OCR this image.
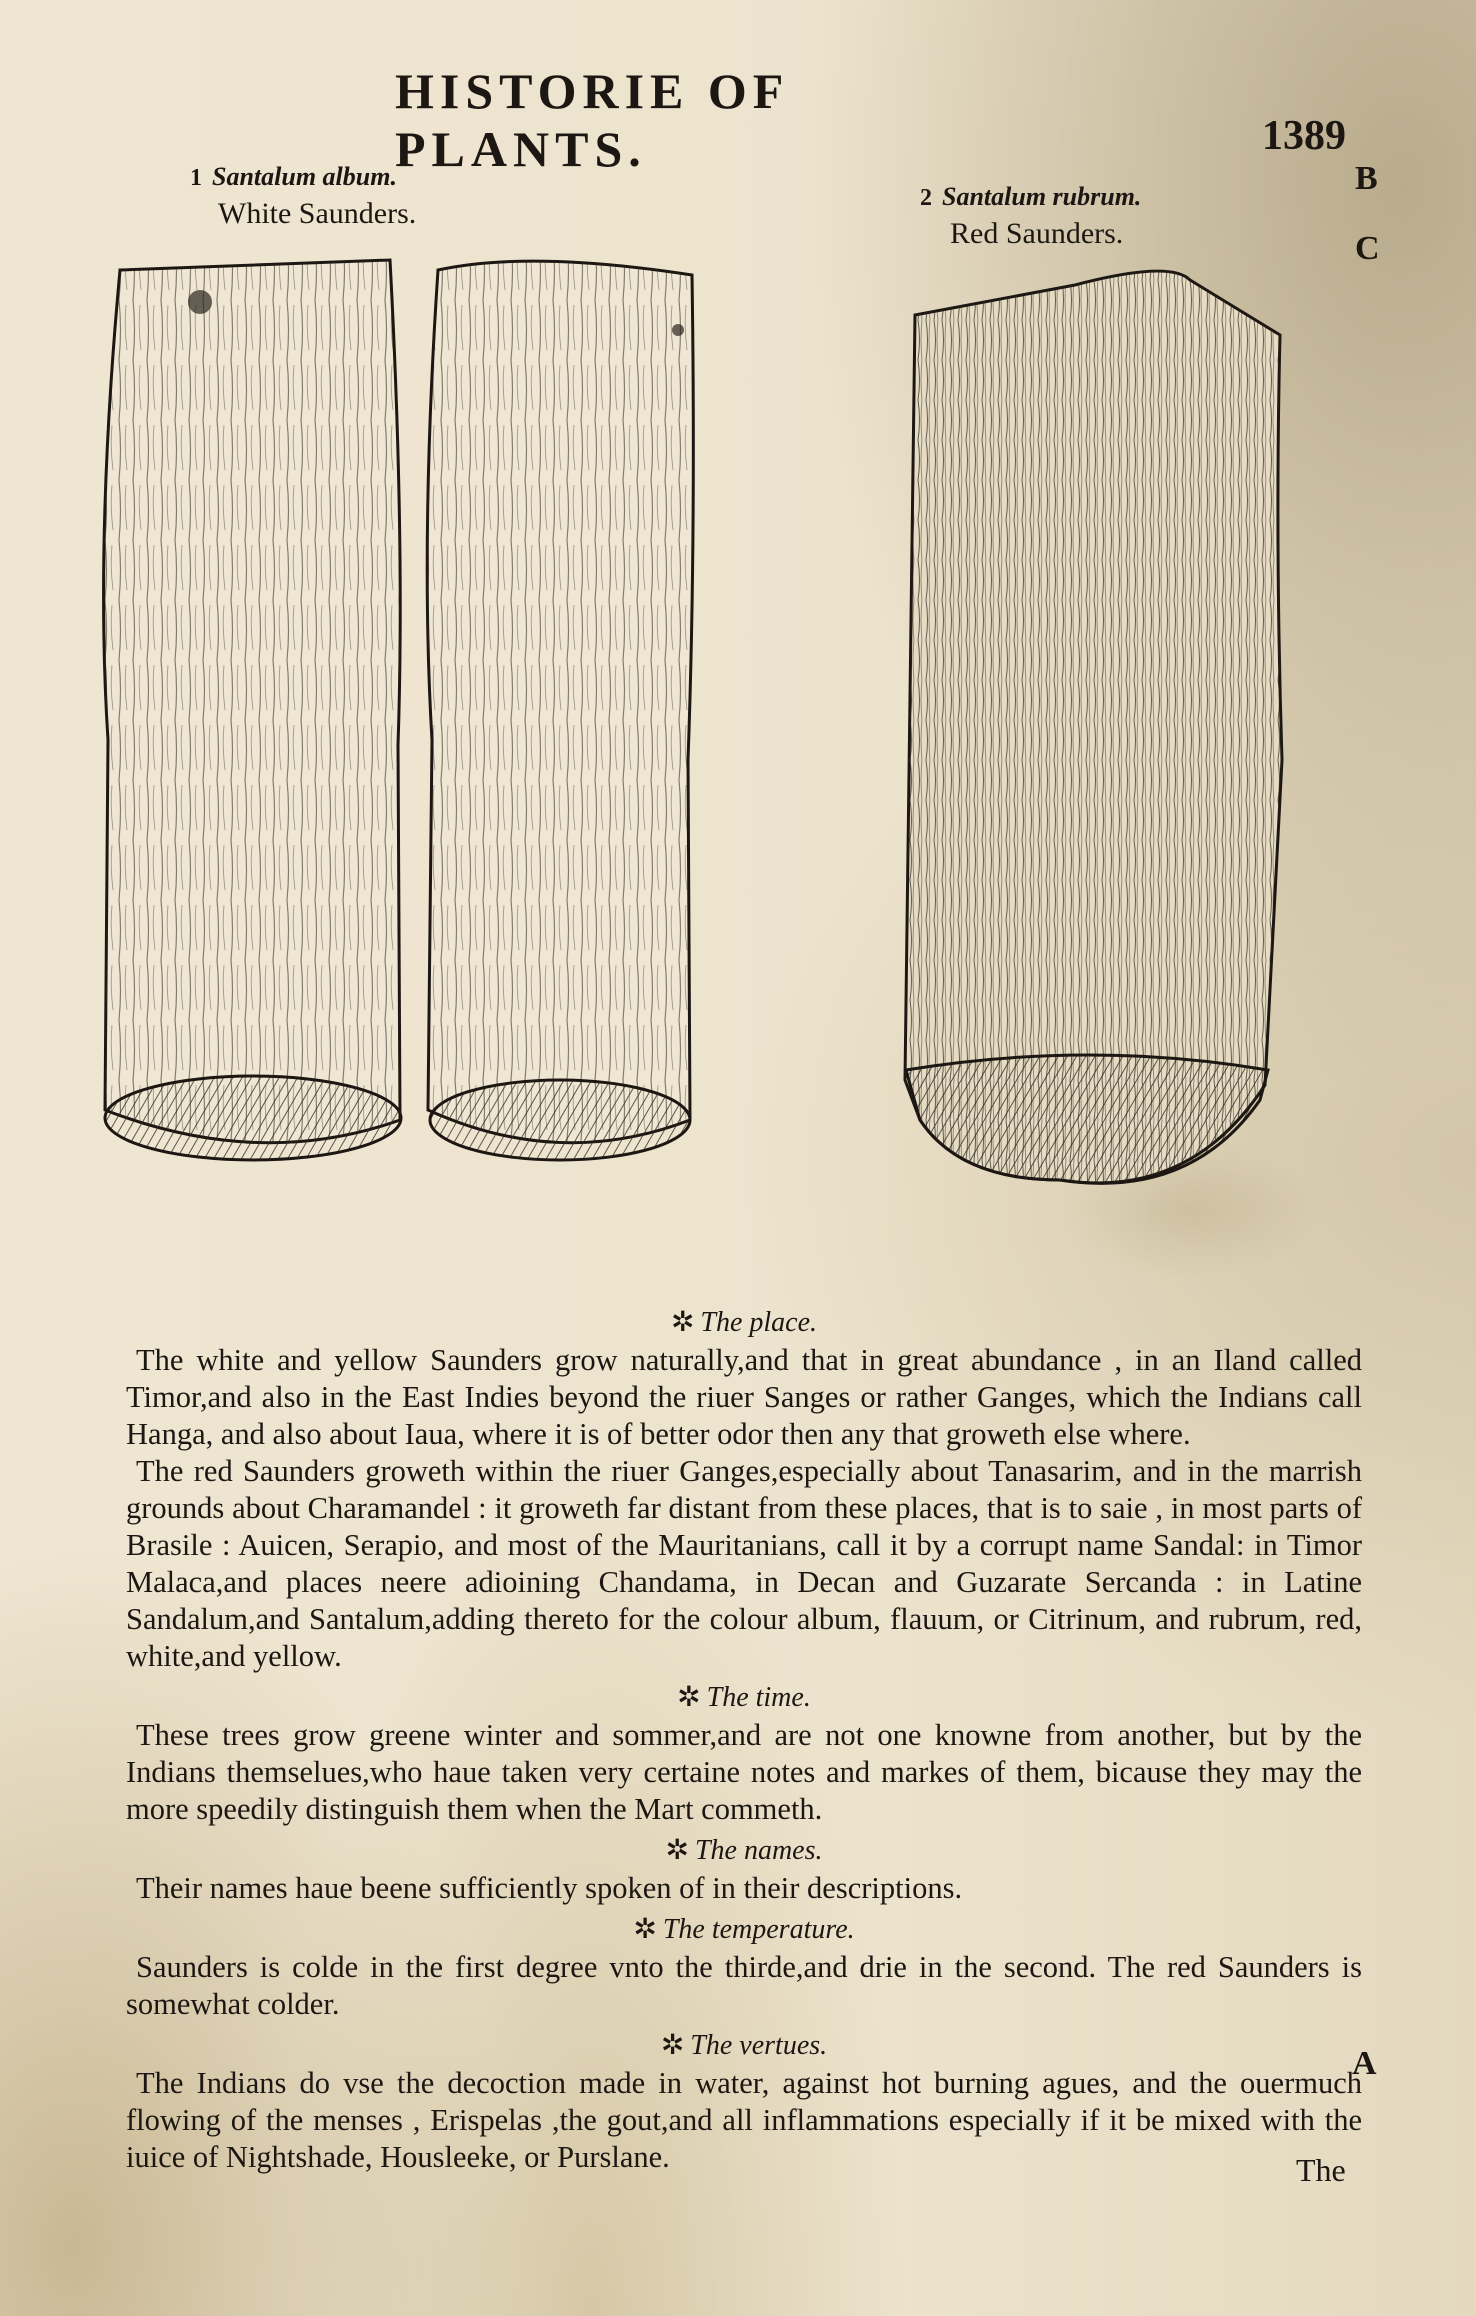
HISTORIE OF PLANTS.	1389
B
C
1 Santalum album.
White Saunders.	2 Santalum rubrum.
Red Saunders.
✲ The place.

The white and yellow Saunders grow naturally,and that in great abundance , in an Iland called Timor,and also in the East Indies beyond the riuer Sanges or rather Ganges, which the Indians call Hanga, and also about Iaua, where it is of better odor then any that groweth else where.

The red Saunders groweth within the riuer Ganges,especially about Tanasarim, and in the marrish grounds about Charamandel : it groweth far distant from these places, that is to saie , in most parts of Brasile : Auicen, Serapio, and most of the Mauritanians, call it by a corrupt name Sandal: in Timor Malaca,and places neere adioining Chandama, in Decan and Guzarate Sercanda : in Latine Sandalum,and Santalum,adding thereto for the colour album, flauum, or Citrinum, and rubrum, red, white,and yellow.

✲ The time.

These trees grow greene winter and sommer,and are not one knowne from another, but by the Indians themselues,who haue taken very certaine notes and markes of them, bicause they may the more speedily distinguish them when the Mart commeth.

✲ The names.

Their names haue beene sufficiently spoken of in their descriptions.

✲ The temperature.

Saunders is colde in the first degree vnto the thirde,and drie in the second. The red Saunders is somewhat colder.

✲ The vertues.

The Indians do vse the decoction made in water, against hot burning agues, and the ouermuch flowing of the menses , Erispelas ,the gout,and all inflammations especially if it be mixed with the iuice of Nightshade, Housleeke, or Purslane.

A
The
